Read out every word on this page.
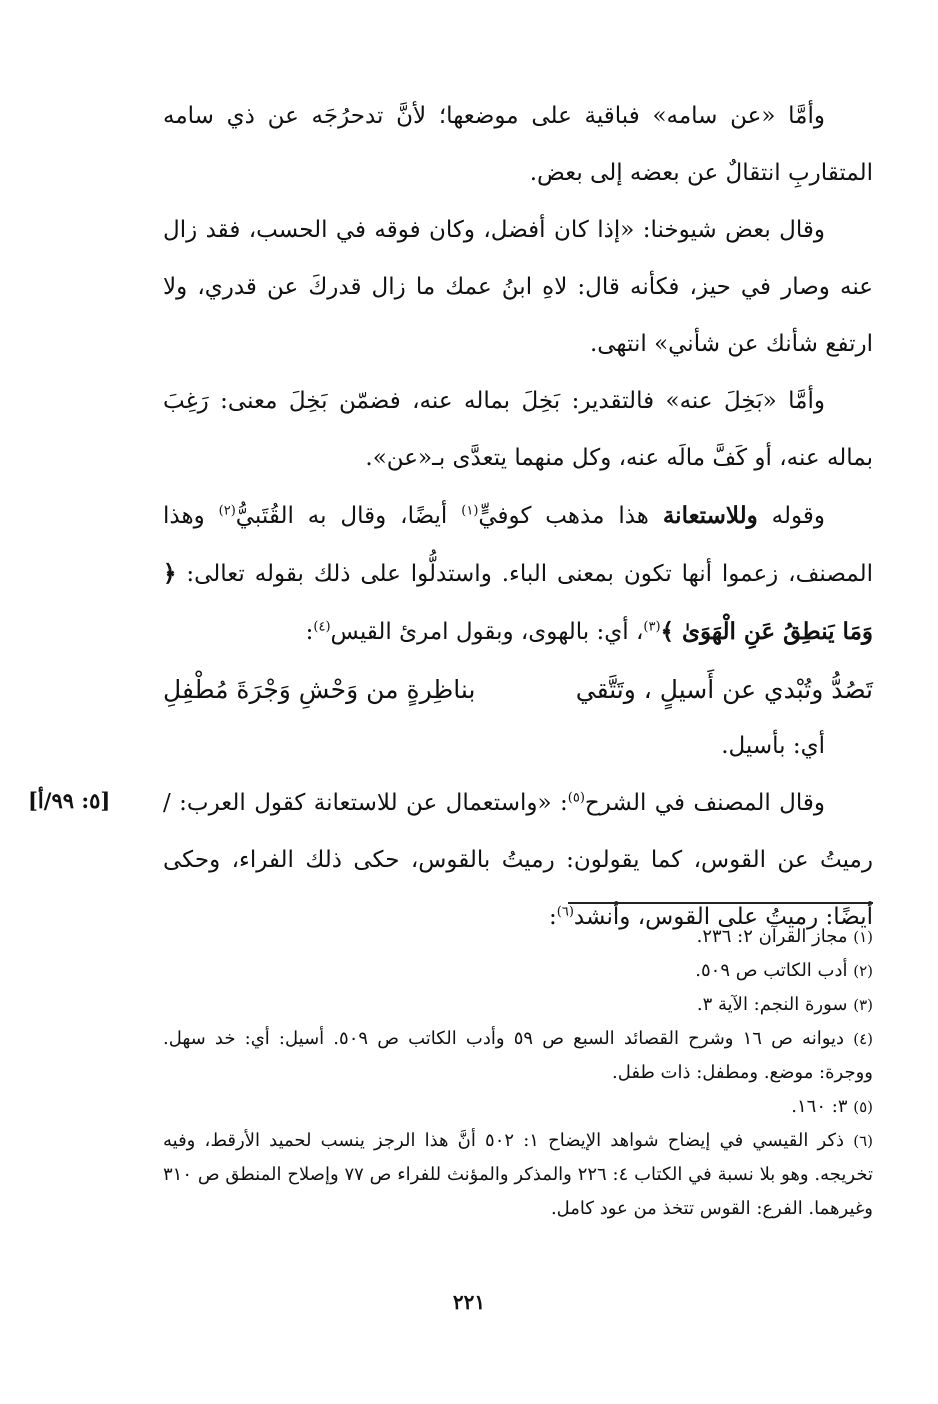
وأمَّا «عن سامه» فباقية على موضعها؛ لأنَّ تدحرُجَه عن ذي سامه المتقاربِ انتقالٌ عن بعضه إلى بعض.

وقال بعض شيوخنا: «إذا كان أفضل، وكان فوقه في الحسب، فقد زال عنه وصار في حيز، فكأنه قال: لاهِ ابنُ عمك ما زال قدركَ عن قدري، ولا ارتفع شأنك عن شأني» انتهى.

وأمَّا «بَخِلَ عنه» فالتقدير: بَخِلَ بماله عنه، فضمّن بَخِلَ معنى: رَغِبَ بماله عنه، أو كَفَّ مالَه عنه، وكل منهما يتعدَّى بـ«عن».

وقوله وللاستعانة هذا مذهب كوفيٍّ$^{(١)}$ أيضًا، وقال به القُتَبيُّ$^{(٢)}$ وهذا المصنف، زعموا أنها تكون بمعنى الباء. واستدلُّوا على ذلك بقوله تعالى: ﴿ وَمَا يَنطِقُ عَنِ الْهَوَىٰ ﴾$^{(٣)}$، أي: بالهوى، وبقول امرئ القيس$^{(٤)}$:

تَصُدُّ وتُبْدي عن أَسيلٍ ، وتَتَّقي
بناظِرةٍ من وَحْشِ وَجْرَةَ مُطْفِلِ

أي: بأسيل.

وقال المصنف في الشرح$^{(٥)}$: «واستعمال عن للاستعانة كقول العرب: /رميتُ عن القوس، كما يقولون: رميتُ بالقوس، حكى ذلك الفراء، وحكى أيضًا: رميتُ على القوس، وأنشد$^{(٦)}$:

[٥: ٩٩/أ]

(١) مجاز القرآن ٢: ٢٣٦.

(٢) أدب الكاتب ص ٥٠٩.

(٣) سورة النجم: الآية ٣.

(٤) ديوانه ص ١٦ وشرح القصائد السبع ص ٥٩ وأدب الكاتب ص ٥٠٩. أسيل: أي: خد سهل. ووجرة: موضع. ومطفل: ذات طفل.

(٥) ٣: ١٦٠.

(٦) ذكر القيسي في إيضاح شواهد الإيضاح ١: ٥٠٢ أنَّ هذا الرجز ينسب لحميد الأرقط، وفيه تخريجه. وهو بلا نسبة في الكتاب ٤: ٢٢٦ والمذكر والمؤنث للفراء ص ٧٧ وإصلاح المنطق ص ٣١٠ وغيرهما. الفرع: القوس تتخذ من عود كامل.

٢٢١
